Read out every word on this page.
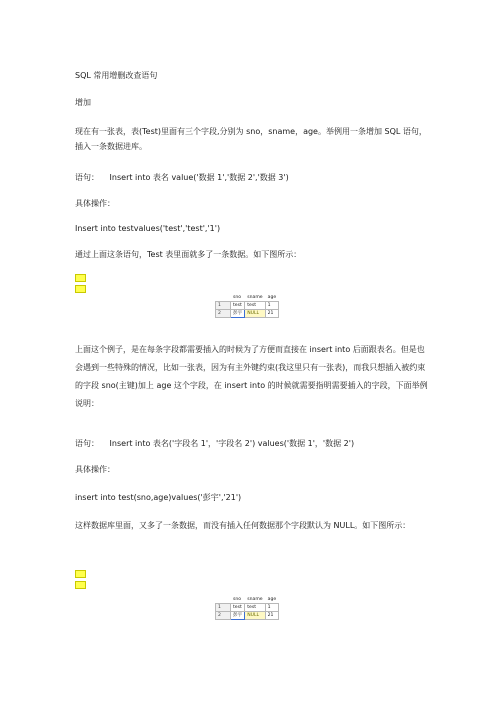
SQL 常用增删改查语句

增加

现在有一张表，表(Test)里面有三个字段,分别为 sno，sname，age。举例用一条增加 SQL 语句，插入一条数据进库。

语句： Insert into 表名 value('数据 1','数据 2','数据 3')

具体操作：

Insert into testvalues('test','test','1')

通过上面这条语句，Test 表里面就多了一条数据。如下图所示：

	sno	sname	age
1	test	test	1
2	彭宇	NULL	21

上面这个例子，是在每条字段都需要插入的时候为了方便而直接在 insert into 后面跟表名。但是也会遇到一些特殊的情况，比如一张表，因为有主外键约束(我这里只有一张表)，而我只想插入被约束的字段 sno(主键)加上 age 这个字段，在 insert into 的时候就需要指明需要插入的字段，下面举例说明：

语句： Insert into 表名('字段名 1'，'字段名 2') values('数据 1'，'数据 2')

具体操作：

insert into test(sno,age)values('彭宇','21')

这样数据库里面，又多了一条数据，而没有插入任何数据那个字段默认为 NULL。如下图所示：

	sno	sname	age
1	test	test	1
2	彭宇	NULL	21
